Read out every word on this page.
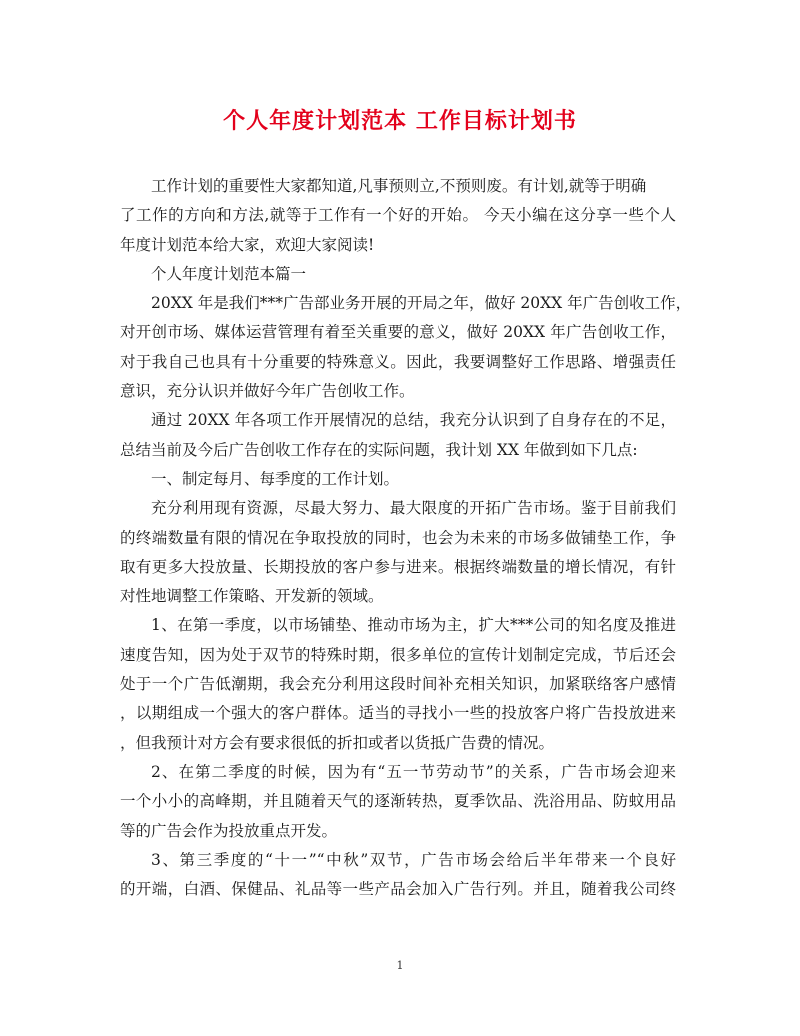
个人年度计划范本 工作目标计划书
工作计划的重要性大家都知道,凡事预则立,不预则废。有计划,就等于明确
了工作的方向和方法,就等于工作有一个好的开始。 今天小编在这分享一些个人
年度计划范本给大家，欢迎大家阅读!
个人年度计划范本篇一
20XX 年是我们***广告部业务开展的开局之年，做好 20XX 年广告创收工作，
对开创市场、媒体运营管理有着至关重要的意义，做好 20XX 年广告创收工作，
对于我自己也具有十分重要的特殊意义。因此，我要调整好工作思路、增强责任
意识，充分认识并做好今年广告创收工作。
通过 20XX 年各项工作开展情况的总结，我充分认识到了自身存在的不足，
总结当前及今后广告创收工作存在的实际问题，我计划 XX 年做到如下几点:
一、制定每月、每季度的工作计划。
充分利用现有资源，尽最大努力、最大限度的开拓广告市场。鉴于目前我们
的终端数量有限的情况在争取投放的同时，也会为未来的市场多做铺垫工作，争
取有更多大投放量、长期投放的客户参与进来。根据终端数量的增长情况，有针
对性地调整工作策略、开发新的领域。
1、在第一季度，以市场铺垫、推动市场为主，扩大***公司的知名度及推进
速度告知，因为处于双节的特殊时期，很多单位的宣传计划制定完成，节后还会
处于一个广告低潮期，我会充分利用这段时间补充相关知识，加紧联络客户感情
，以期组成一个强大的客户群体。适当的寻找小一些的投放客户将广告投放进来
，但我预计对方会有要求很低的折扣或者以货抵广告费的情况。
2、在第二季度的时候，因为有“五一节劳动节”的关系，广告市场会迎来
一个小小的高峰期，并且随着天气的逐渐转热，夏季饮品、洗浴用品、防蚊用品
等的广告会作为投放重点开发。
3、第三季度的“十一”“中秋”双节，广告市场会给后半年带来一个良好
的开端，白酒、保健品、礼品等一些产品会加入广告行列。并且，随着我公司终
1
